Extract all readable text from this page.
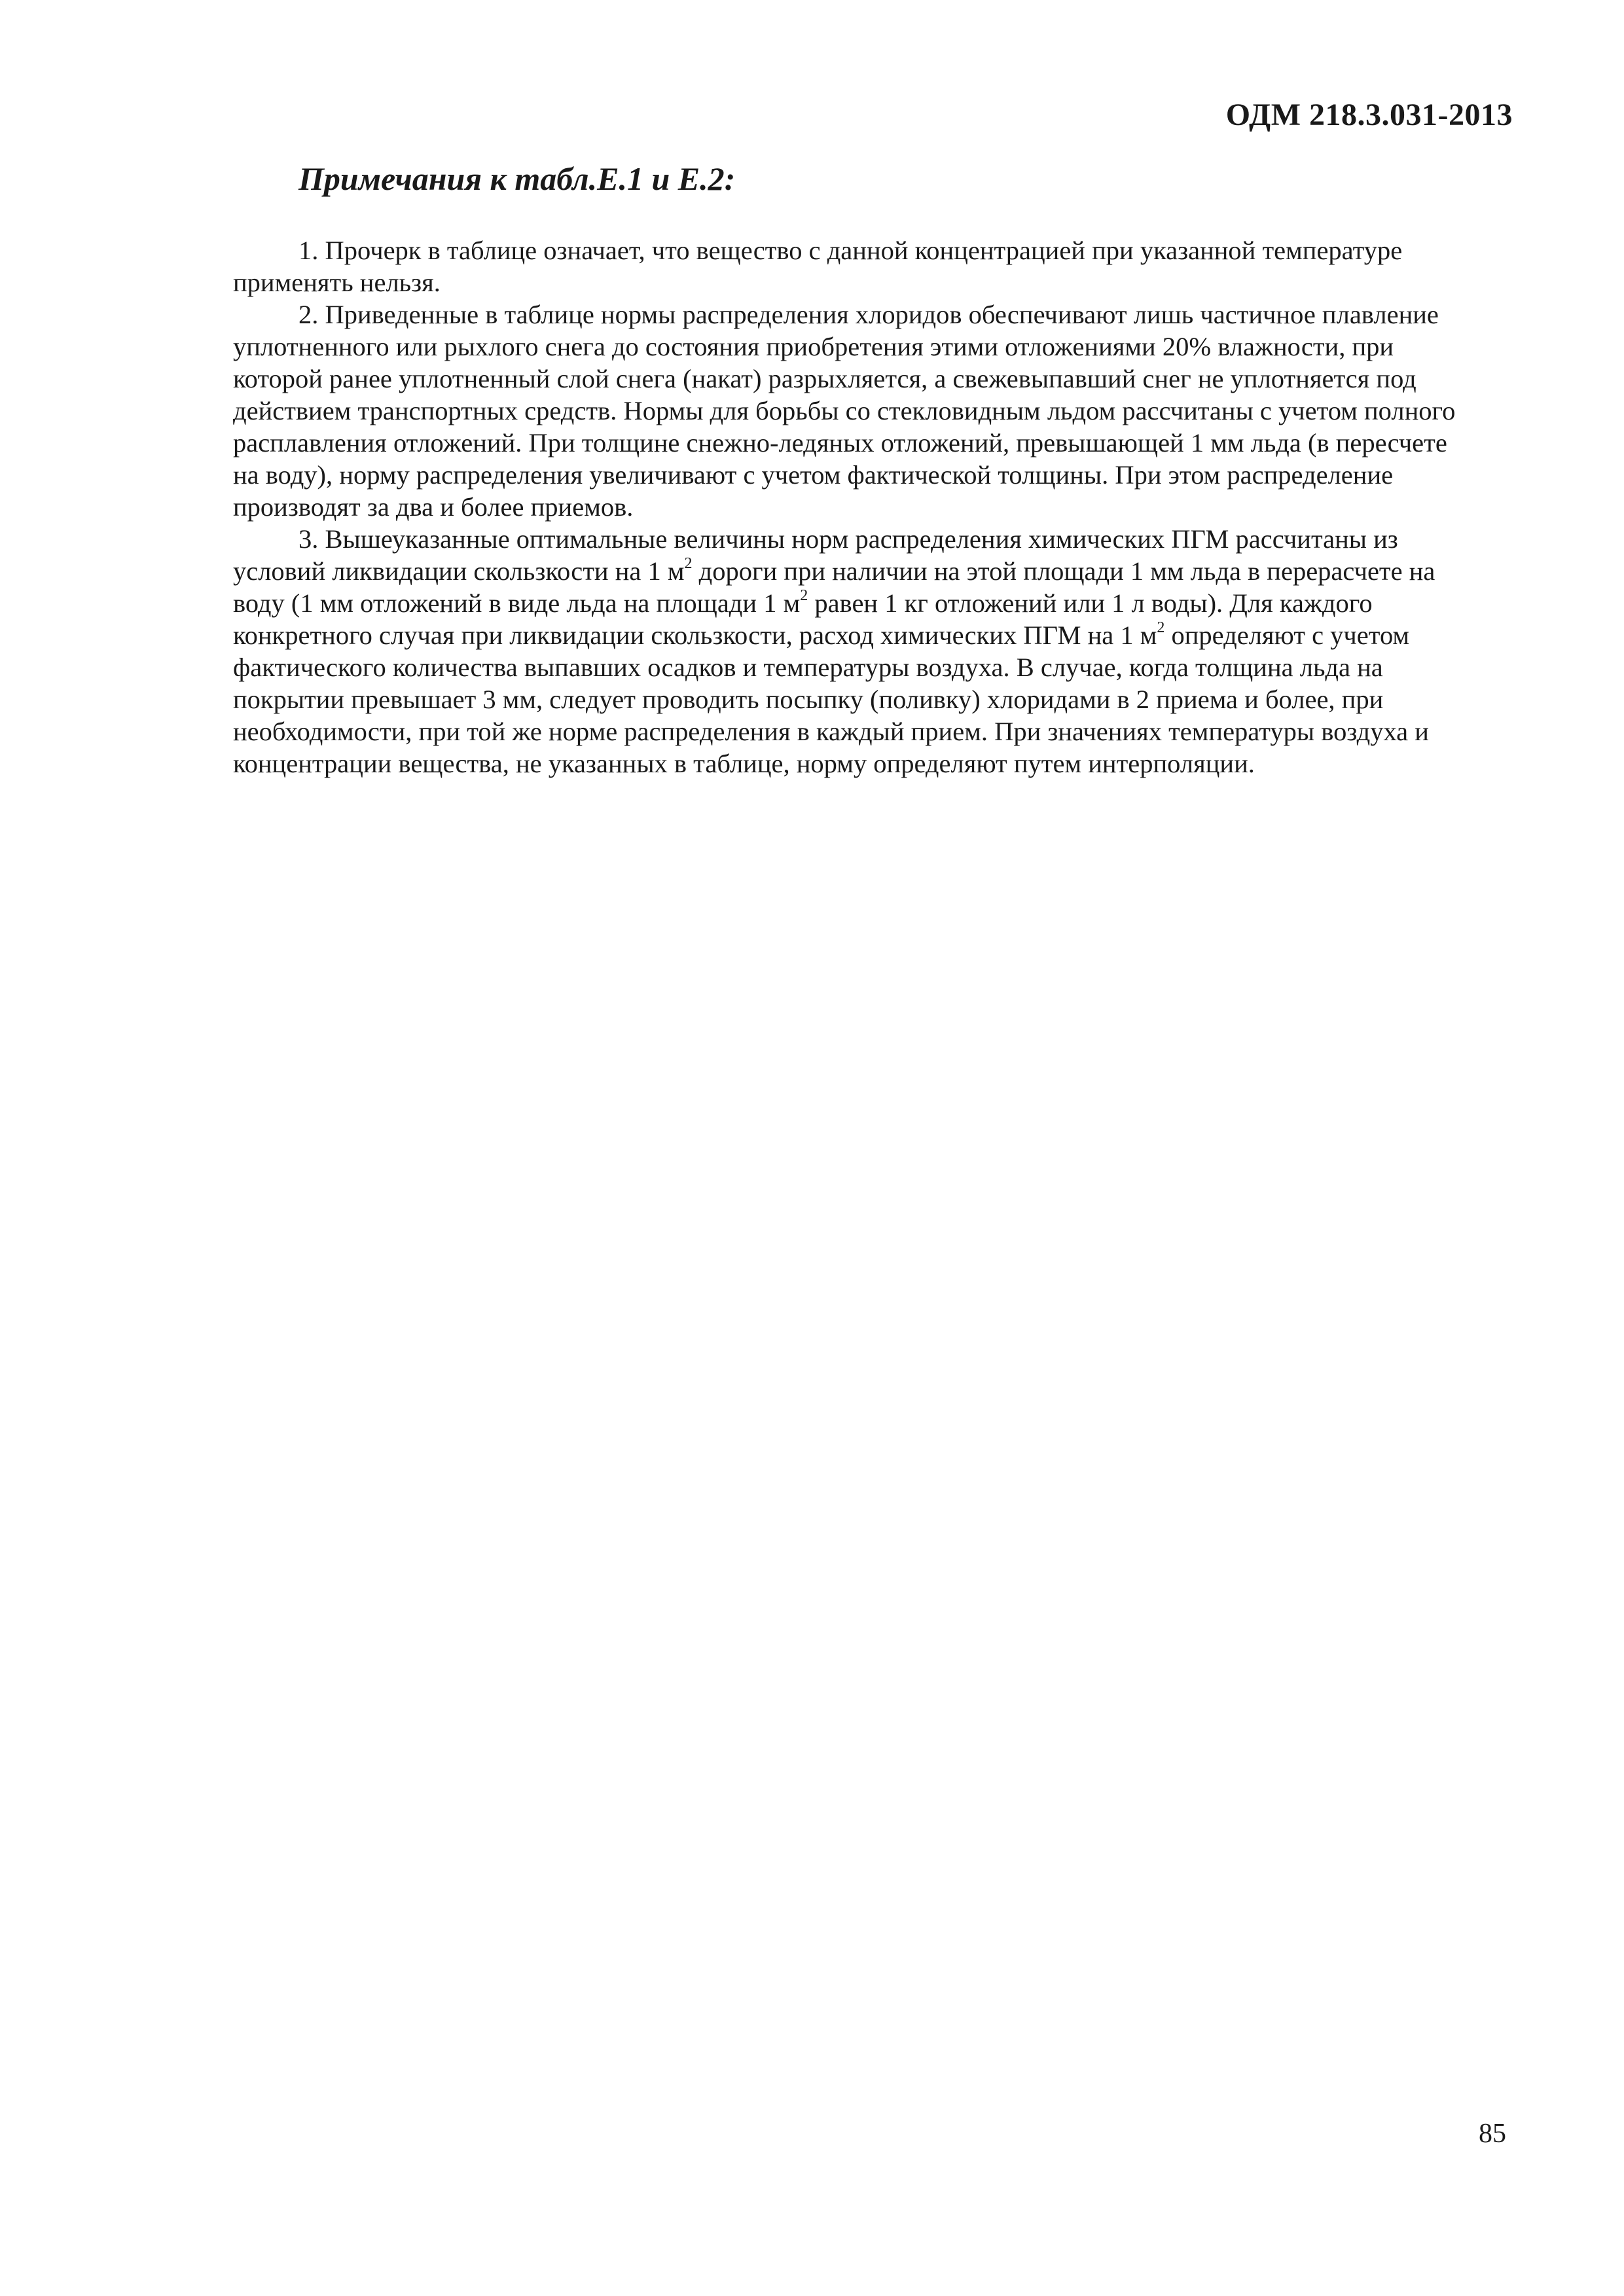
ОДМ 218.3.031-2013
Примечания к табл.Е.1 и Е.2:
1. Прочерк в таблице означает, что вещество с данной концентрацией при указанной температуре
применять нельзя.
2. Приведенные в таблице нормы распределения хлоридов обеспечивают лишь частичное плавление
уплотненного или рыхлого снега до состояния приобретения этими отложениями 20% влажности, при
которой ранее уплотненный слой снега (накат) разрыхляется, а свежевыпавший снег не уплотняется под
действием транспортных средств. Нормы для борьбы со стекловидным льдом рассчитаны с учетом полного
расплавления отложений. При толщине снежно-ледяных отложений, превышающей 1 мм льда (в пересчете
на воду), норму распределения увеличивают с учетом фактической толщины. При этом распределение
производят за два и более приемов.
3. Вышеуказанные оптимальные величины норм распределения химических ПГМ рассчитаны из
условий ликвидации скользкости на 1 $м^2$ дороги при наличии на этой площади 1 мм льда в перерасчете на
воду (1 мм отложений в виде льда на площади 1 $м^2$ равен 1 кг отложений или 1 л воды). Для каждого
конкретного случая при ликвидации скользкости, расход химических ПГМ на 1 $м^2$ определяют с учетом
фактического количества выпавших осадков и температуры воздуха. В случае, когда толщина льда на
покрытии превышает 3 мм, следует проводить посыпку (поливку) хлоридами в 2 приема и более, при
необходимости, при той же норме распределения в каждый прием. При значениях температуры воздуха и
концентрации вещества, не указанных в таблице, норму определяют путем интерполяции.
85
